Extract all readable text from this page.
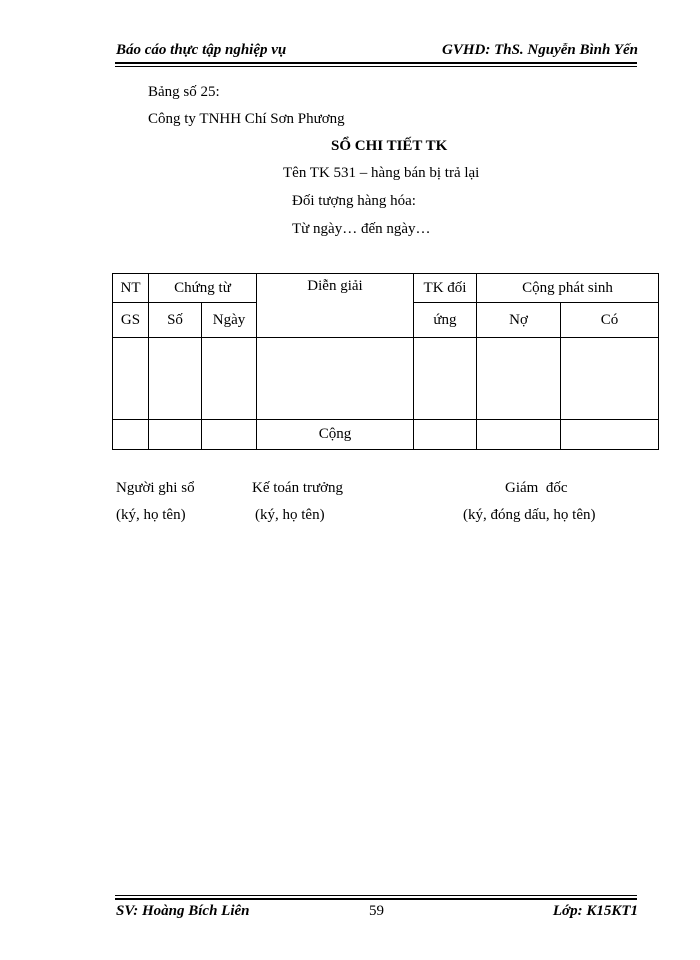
Báo cáo thực tập nghiệp vụ	GVHD: ThS. Nguyễn Bình Yến
Bảng số 25:
Công ty TNHH Chí Sơn Phương
SỔ CHI TIẾT TK
Tên TK 531 – hàng bán bị trả lại
Đối tượng hàng hóa:
Từ ngày… đến ngày…
NT	Chứng từ		Diễn giải	TK đối	Cộng phát sinh	
GS	Số	Ngày		ứng	Nợ	Có

			Cộng			
Người ghi sổ
(ký, họ tên)
Kế toán trưởng
(ký, họ tên)
Giám  đốc
(ký, đóng dấu, họ tên)
SV: Hoàng Bích Liên	59	Lớp: K15KT1
